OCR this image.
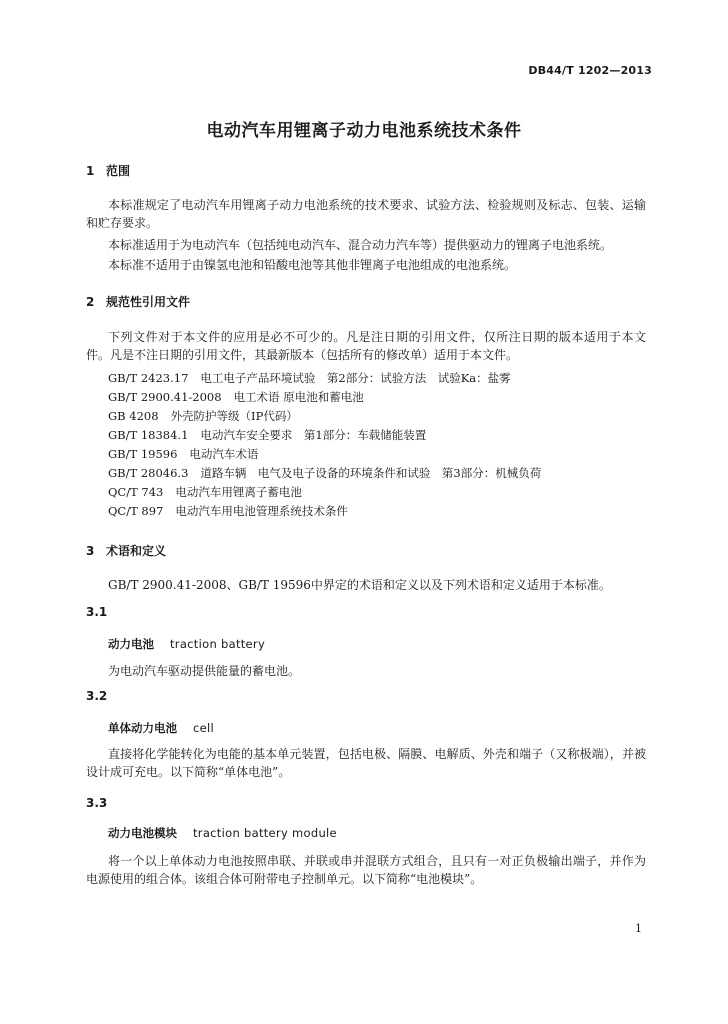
DB44/T 1202—2013
电动汽车用锂离子动力电池系统技术条件
1 范围
本标准规定了电动汽车用锂离子动力电池系统的技术要求、试验方法、检验规则及标志、包装、运输和贮存要求。
本标准适用于为电动汽车（包括纯电动汽车、混合动力汽车等）提供驱动力的锂离子电池系统。
本标准不适用于由镍氢电池和铅酸电池等其他非锂离子电池组成的电池系统。
2 规范性引用文件
下列文件对于本文件的应用是必不可少的。凡是注日期的引用文件，仅所注日期的版本适用于本文件。凡是不注日期的引用文件，其最新版本（包括所有的修改单）适用于本文件。
GB/T 2423.17 电工电子产品环境试验　第2部分：试验方法　试验Ka：盐雾
GB/T 2900.41-2008 电工术语 原电池和蓄电池
GB 4208 外壳防护等级（IP代码）
GB/T 18384.1 电动汽车安全要求　第1部分：车载储能装置
GB/T 19596 电动汽车术语
GB/T 28046.3 道路车辆　电气及电子设备的环境条件和试验　第3部分：机械负荷
QC/T 743 电动汽车用锂离子蓄电池
QC/T 897 电动汽车用电池管理系统技术条件
3 术语和定义
GB/T 2900.41-2008、GB/T 19596中界定的术语和定义以及下列术语和定义适用于本标准。
3.1
动力电池 traction battery
为电动汽车驱动提供能量的蓄电池。
3.2
单体动力电池 cell
直接将化学能转化为电能的基本单元装置，包括电极、隔膜、电解质、外壳和端子（又称极端），并被设计成可充电。以下简称“单体电池”。
3.3
动力电池模块 traction battery module
将一个以上单体动力电池按照串联、并联或串并混联方式组合，且只有一对正负极输出端子，并作为电源使用的组合体。该组合体可附带电子控制单元。以下简称“电池模块”。
1
